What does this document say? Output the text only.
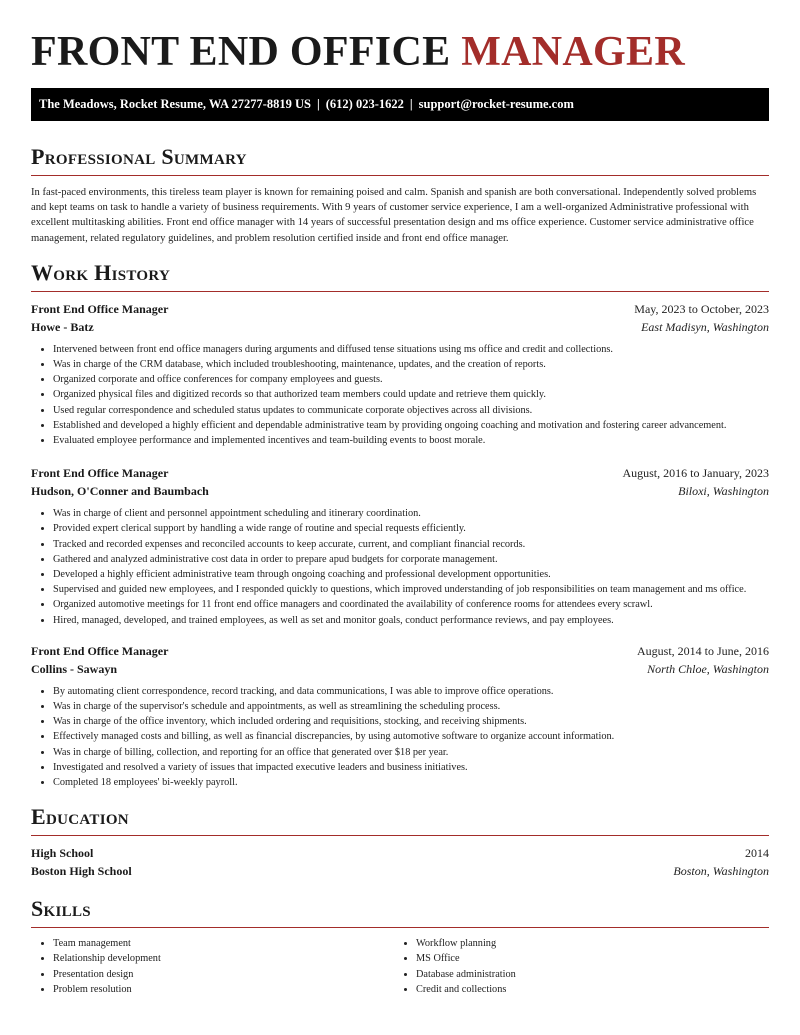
FRONT END OFFICE MANAGER
The Meadows, Rocket Resume, WA 27277-8819 US | (612) 023-1622 | support@rocket-resume.com
Professional Summary

In fast-paced environments, this tireless team player is known for remaining poised and calm. Spanish and spanish are both conversational. Independently solved problems and kept teams on task to handle a variety of business requirements. With 9 years of customer service experience, I am a well-organized Administrative professional with excellent multitasking abilities. Front end office manager with 14 years of successful presentation design and ms office experience. Customer service administrative office management, related regulatory guidelines, and problem resolution certified inside and front end office manager.

Work History
Front End Office Manager	May, 2023 to October, 2023
Howe - Batz	East Madisyn, Washington
• Intervened between front end office managers during arguments and diffused tense situations using ms office and credit and collections.
• Was in charge of the CRM database, which included troubleshooting, maintenance, updates, and the creation of reports.
• Organized corporate and office conferences for company employees and guests.
• Organized physical files and digitized records so that authorized team members could update and retrieve them quickly.
• Used regular correspondence and scheduled status updates to communicate corporate objectives across all divisions.
• Established and developed a highly efficient and dependable administrative team by providing ongoing coaching and motivation and fostering career advancement.
• Evaluated employee performance and implemented incentives and team-building events to boost morale.
Front End Office Manager	August, 2016 to January, 2023
Hudson, O'Conner and Baumbach	Biloxi, Washington
• Was in charge of client and personnel appointment scheduling and itinerary coordination.
• Provided expert clerical support by handling a wide range of routine and special requests efficiently.
• Tracked and recorded expenses and reconciled accounts to keep accurate, current, and compliant financial records.
• Gathered and analyzed administrative cost data in order to prepare apud budgets for corporate management.
• Developed a highly efficient administrative team through ongoing coaching and professional development opportunities.
• Supervised and guided new employees, and I responded quickly to questions, which improved understanding of job responsibilities on team management and ms office.
• Organized automotive meetings for 11 front end office managers and coordinated the availability of conference rooms for attendees every scrawl.
• Hired, managed, developed, and trained employees, as well as set and monitor goals, conduct performance reviews, and pay employees.
Front End Office Manager	August, 2014 to June, 2016
Collins - Sawayn	North Chloe, Washington
• By automating client correspondence, record tracking, and data communications, I was able to improve office operations.
• Was in charge of the supervisor's schedule and appointments, as well as streamlining the scheduling process.
• Was in charge of the office inventory, which included ordering and requisitions, stocking, and receiving shipments.
• Effectively managed costs and billing, as well as financial discrepancies, by using automotive software to organize account information.
• Was in charge of billing, collection, and reporting for an office that generated over $18 per year.
• Investigated and resolved a variety of issues that impacted executive leaders and business initiatives.
• Completed 18 employees' bi-weekly payroll.
Education
High School	2014
Boston High School	Boston, Washington
Skills
• Team management
• Relationship development
• Presentation design
• Problem resolution
• Workflow planning
• MS Office
• Database administration
• Credit and collections
